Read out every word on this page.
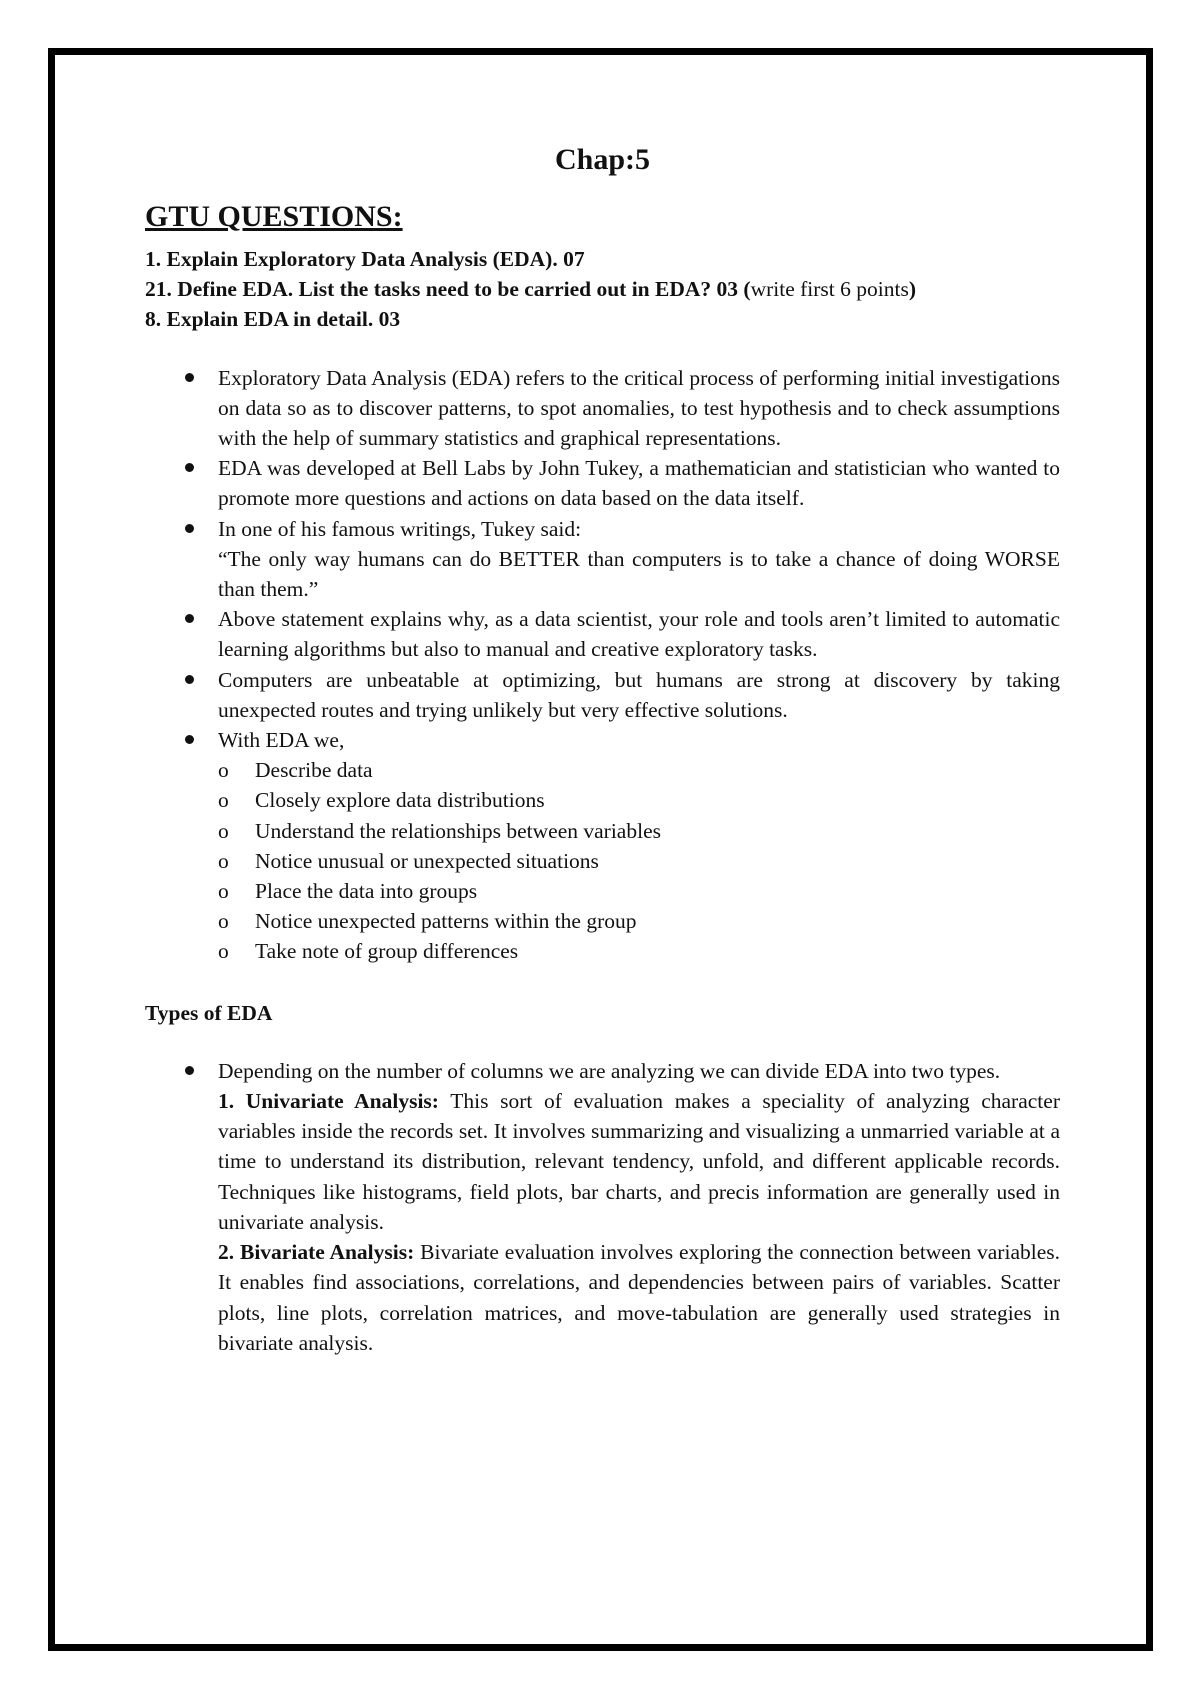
Chap:5
GTU QUESTIONS:
1. Explain Exploratory Data Analysis (EDA). 07
21. Define EDA. List the tasks need to be carried out in EDA? 03 (write first 6 points)
8. Explain EDA in detail. 03
Exploratory Data Analysis (EDA) refers to the critical process of performing initial investigations on data so as to discover patterns, to spot anomalies, to test hypothesis and to check assumptions with the help of summary statistics and graphical representations.
EDA was developed at Bell Labs by John Tukey, a mathematician and statistician who wanted to promote more questions and actions on data based on the data itself.
In one of his famous writings, Tukey said:
“The only way humans can do BETTER than computers is to take a chance of doing WORSE than them.”
Above statement explains why, as a data scientist, your role and tools aren’t limited to automatic learning algorithms but also to manual and creative exploratory tasks.
Computers are unbeatable at optimizing, but humans are strong at discovery by taking unexpected routes and trying unlikely but very effective solutions.
With EDA we,
o Describe data
o Closely explore data distributions
o Understand the relationships between variables
o Notice unusual or unexpected situations
o Place the data into groups
o Notice unexpected patterns within the group
o Take note of group differences
Types of EDA
Depending on the number of columns we are analyzing we can divide EDA into two types.
1. Univariate Analysis: This sort of evaluation makes a speciality of analyzing character variables inside the records set. It involves summarizing and visualizing a unmarried variable at a time to understand its distribution, relevant tendency, unfold, and different applicable records. Techniques like histograms, field plots, bar charts, and precis information are generally used in univariate analysis.
2. Bivariate Analysis: Bivariate evaluation involves exploring the connection between variables. It enables find associations, correlations, and dependencies between pairs of variables. Scatter plots, line plots, correlation matrices, and move-tabulation are generally used strategies in bivariate analysis.
